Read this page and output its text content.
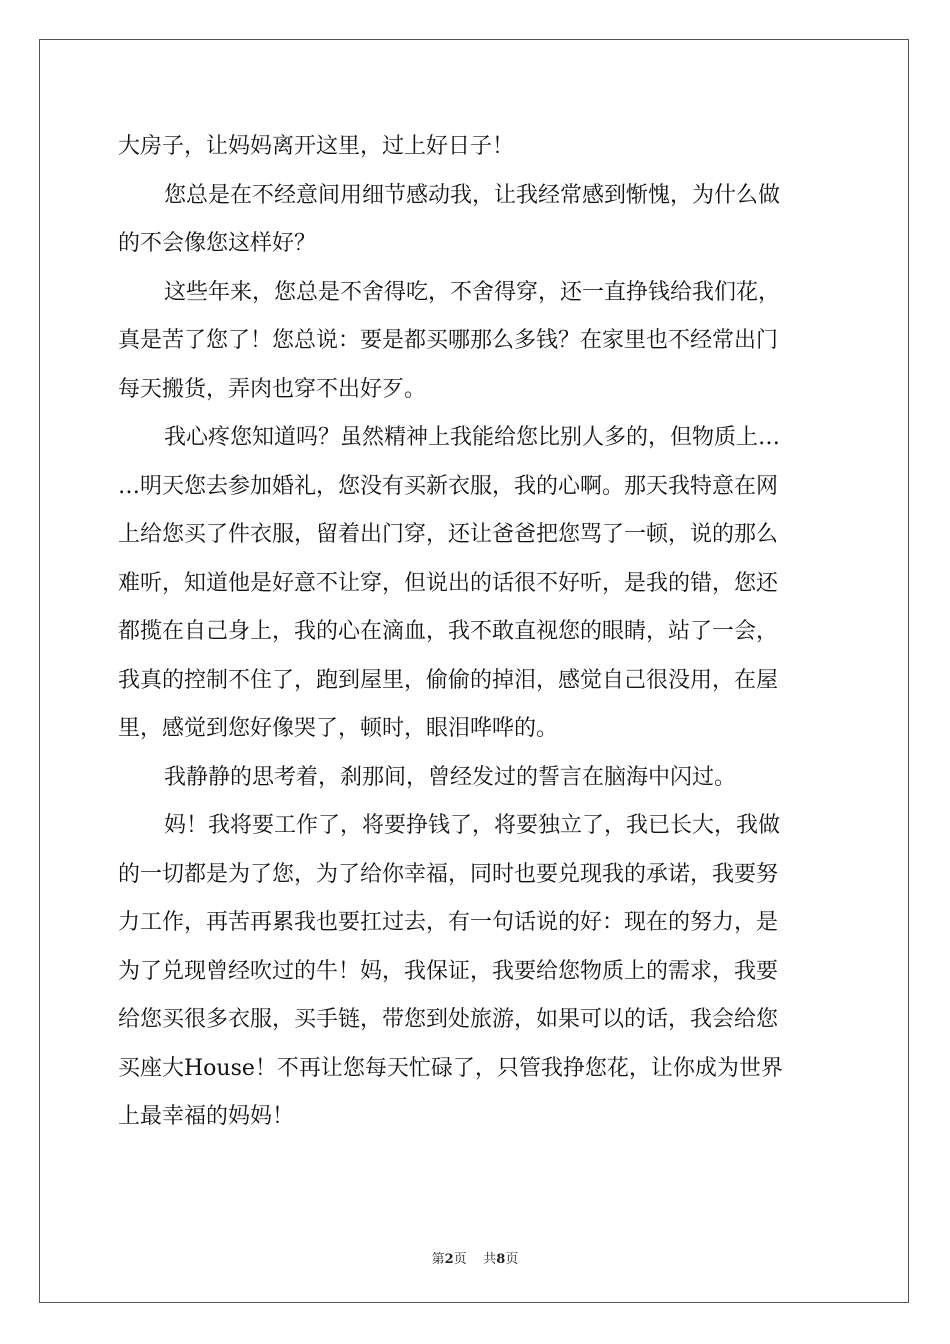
大房子，让妈妈离开这里，过上好日子！
您总是在不经意间用细节感动我，让我经常感到惭愧，为什么做
的不会像您这样好？
这些年来，您总是不舍得吃，不舍得穿，还一直挣钱给我们花，
真是苦了您了！您总说：要是都买哪那么多钱？在家里也不经常出门
每天搬货，弄肉也穿不出好歹。
我心疼您知道吗？虽然精神上我能给您比别人多的，但物质上…
…明天您去参加婚礼，您没有买新衣服，我的心啊。那天我特意在网
上给您买了件衣服，留着出门穿，还让爸爸把您骂了一顿，说的那么
难听，知道他是好意不让穿，但说出的话很不好听，是我的错，您还
都揽在自己身上，我的心在滴血，我不敢直视您的眼睛，站了一会，
我真的控制不住了，跑到屋里，偷偷的掉泪，感觉自己很没用，在屋
里，感觉到您好像哭了，顿时，眼泪哗哗的。
我静静的思考着，刹那间，曾经发过的誓言在脑海中闪过。
妈！我将要工作了，将要挣钱了，将要独立了，我已长大，我做
的一切都是为了您，为了给你幸福，同时也要兑现我的承诺，我要努
力工作，再苦再累我也要扛过去，有一句话说的好：现在的努力，是
为了兑现曾经吹过的牛！妈，我保证，我要给您物质上的需求，我要
给您买很多衣服，买手链，带您到处旅游，如果可以的话，我会给您
买座大House！不再让您每天忙碌了，只管我挣您花，让你成为世界
上最幸福的妈妈！
第2页 共8页
